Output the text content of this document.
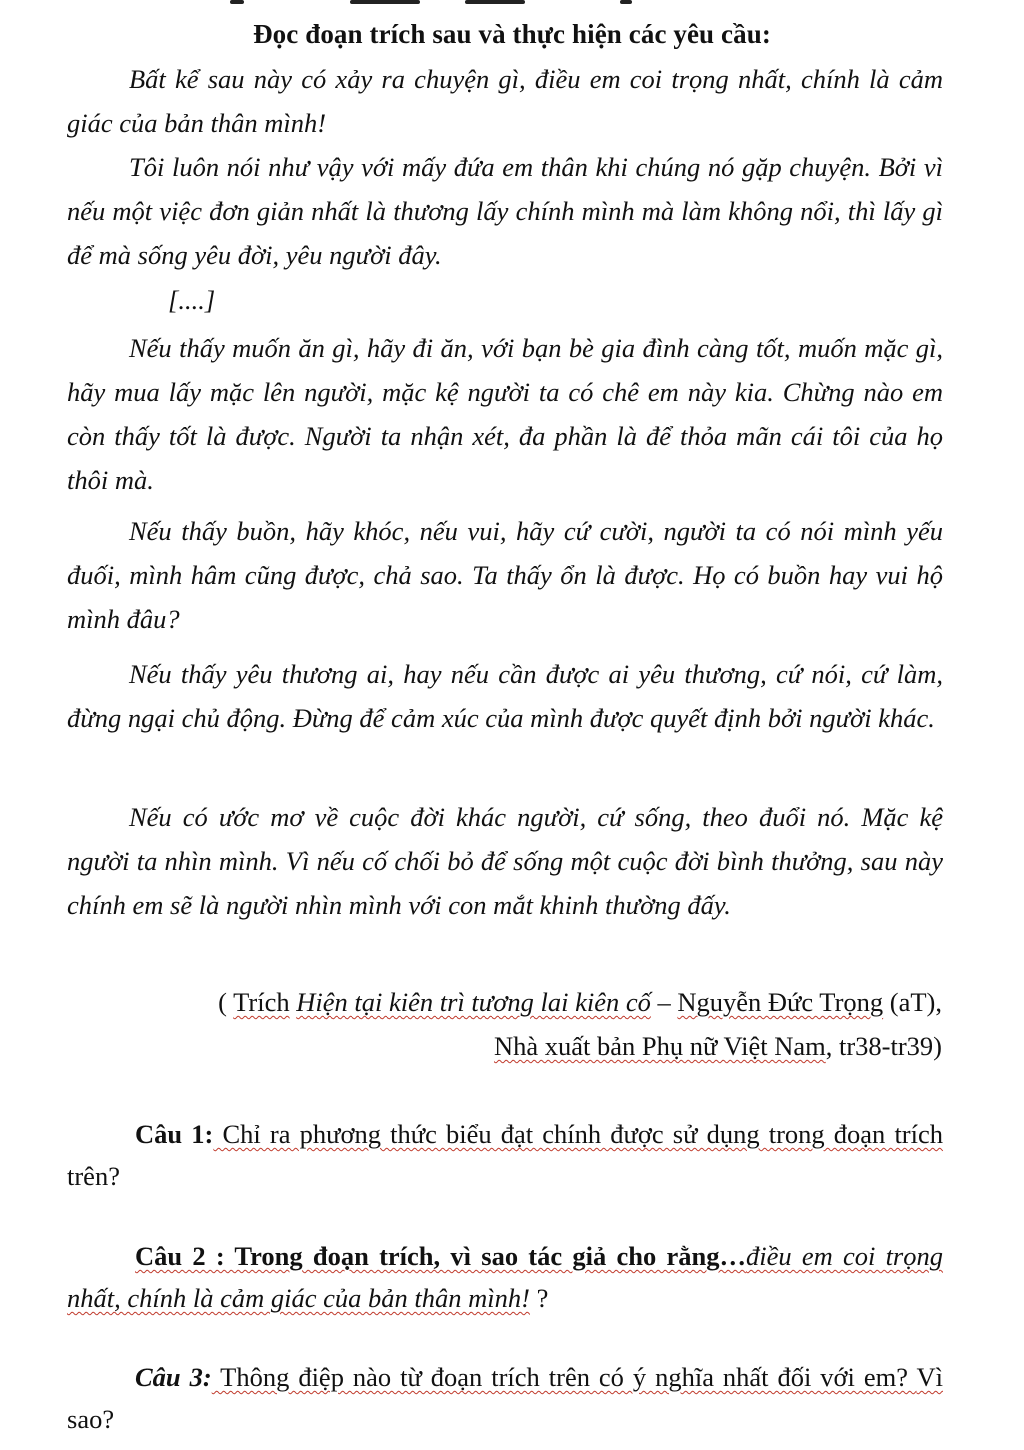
Đọc đoạn trích sau và thực hiện các yêu cầu:

Bất kể sau này có xảy ra chuyện gì, điều em coi trọng nhất, chính là cảm giác của bản thân mình!

Tôi luôn nói như vậy với mấy đứa em thân khi chúng nó gặp chuyện. Bởi vì nếu một việc đơn giản nhất là thương lấy chính mình mà làm không nổi, thì lấy gì để mà sống yêu đời, yêu người đây.

[....]

Nếu thấy muốn ăn gì, hãy đi ăn, với bạn bè gia đình càng tốt, muốn mặc gì, hãy mua lấy mặc lên người, mặc kệ người ta có chê em này kia. Chừng nào em còn thấy tốt là được. Người ta nhận xét, đa phần là để thỏa mãn cái tôi của họ thôi mà.

Nếu thấy buồn, hãy khóc, nếu vui, hãy cứ cười, người ta có nói mình yếu đuối, mình hâm cũng được, chả sao. Ta thấy ổn là được. Họ có buồn hay vui hộ mình đâu?

Nếu thấy yêu thương ai, hay nếu cần được ai yêu thương, cứ nói, cứ làm, đừng ngại chủ động. Đừng để cảm xúc của mình được quyết định bởi người khác.

Nếu có ước mơ về cuộc đời khác người, cứ sống, theo đuổi nó. Mặc kệ người ta nhìn mình. Vì nếu cố chối bỏ để sống một cuộc đời bình thưởng, sau này chính em sẽ là người nhìn mình với con mắt khinh thường đấy.

( Trích Hiện tại kiên trì tương lai kiên cố – Nguyễn Đức Trọng (aT),
Nhà xuất bản Phụ nữ Việt Nam, tr38-tr39)

Câu 1: Chỉ ra phương thức biểu đạt chính được sử dụng trong đoạn trích trên?

Câu 2 : Trong đoạn trích, vì sao tác giả cho rằng…điều em coi trọng nhất, chính là cảm giác của bản thân mình! ?

Câu 3: Thông điệp nào từ đoạn trích trên có ý nghĩa nhất đối với em? Vì sao?
